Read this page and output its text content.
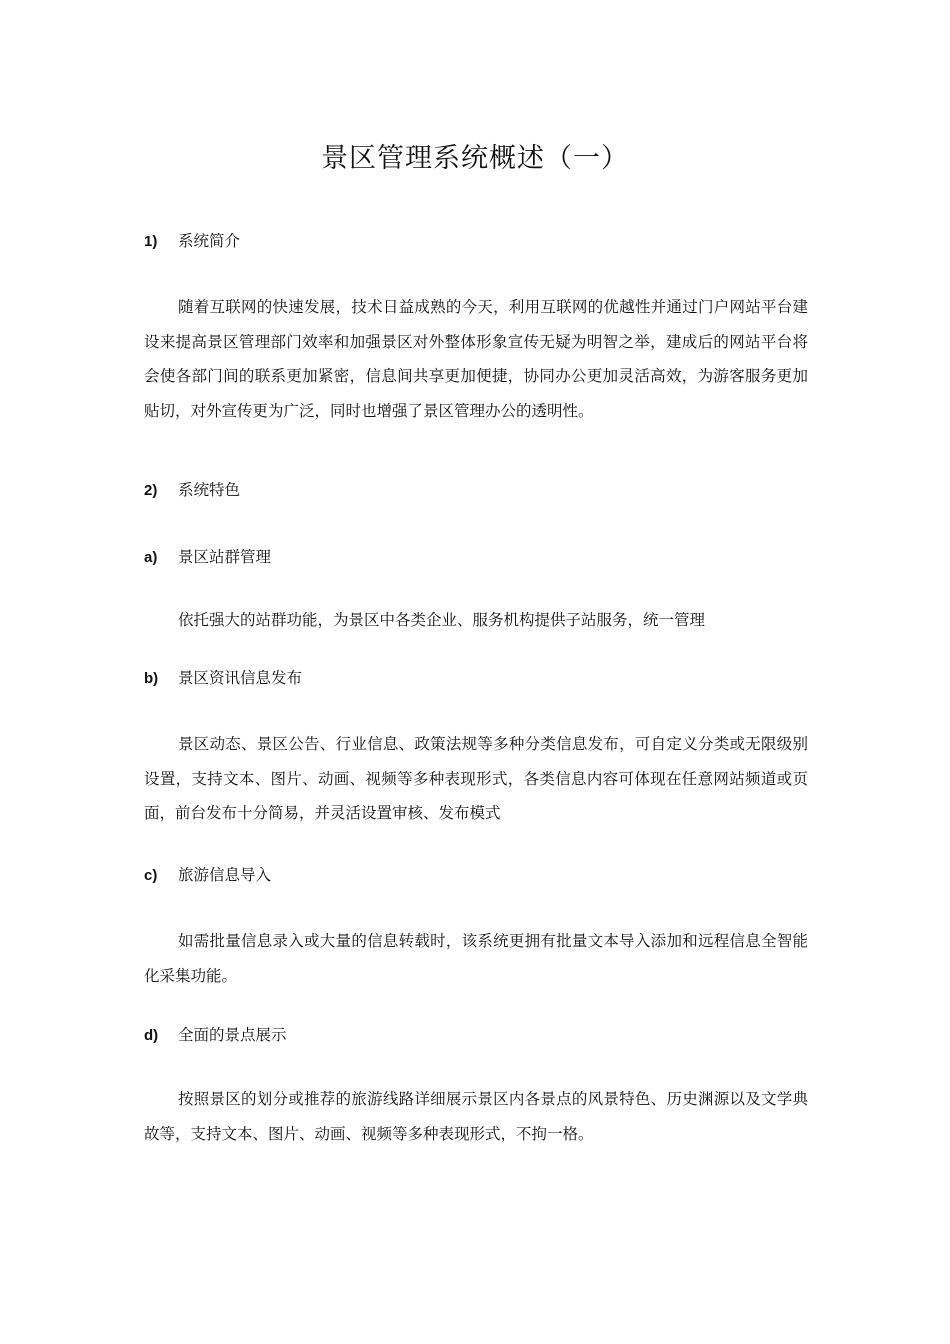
景区管理系统概述（一）
1) 系统简介

随着互联网的快速发展，技术日益成熟的今天，利用互联网的优越性并通过门户网站平台建设来提高景区管理部门效率和加强景区对外整体形象宣传无疑为明智之举，建成后的网站平台将会使各部门间的联系更加紧密，信息间共享更加便捷，协同办公更加灵活高效，为游客服务更加贴切，对外宣传更为广泛，同时也增强了景区管理办公的透明性。

2) 系统特色
a) 景区站群管理

依托强大的站群功能，为景区中各类企业、服务机构提供子站服务，统一管理

b) 景区资讯信息发布

景区动态、景区公告、行业信息、政策法规等多种分类信息发布，可自定义分类或无限级别设置，支持文本、图片、动画、视频等多种表现形式，各类信息内容可体现在任意网站频道或页面，前台发布十分简易，并灵活设置审核、发布模式

c) 旅游信息导入

如需批量信息录入或大量的信息转载时，该系统更拥有批量文本导入添加和远程信息全智能化采集功能。

d) 全面的景点展示

按照景区的划分或推荐的旅游线路详细展示景区内各景点的风景特色、历史渊源以及文学典故等，支持文本、图片、动画、视频等多种表现形式，不拘一格。
